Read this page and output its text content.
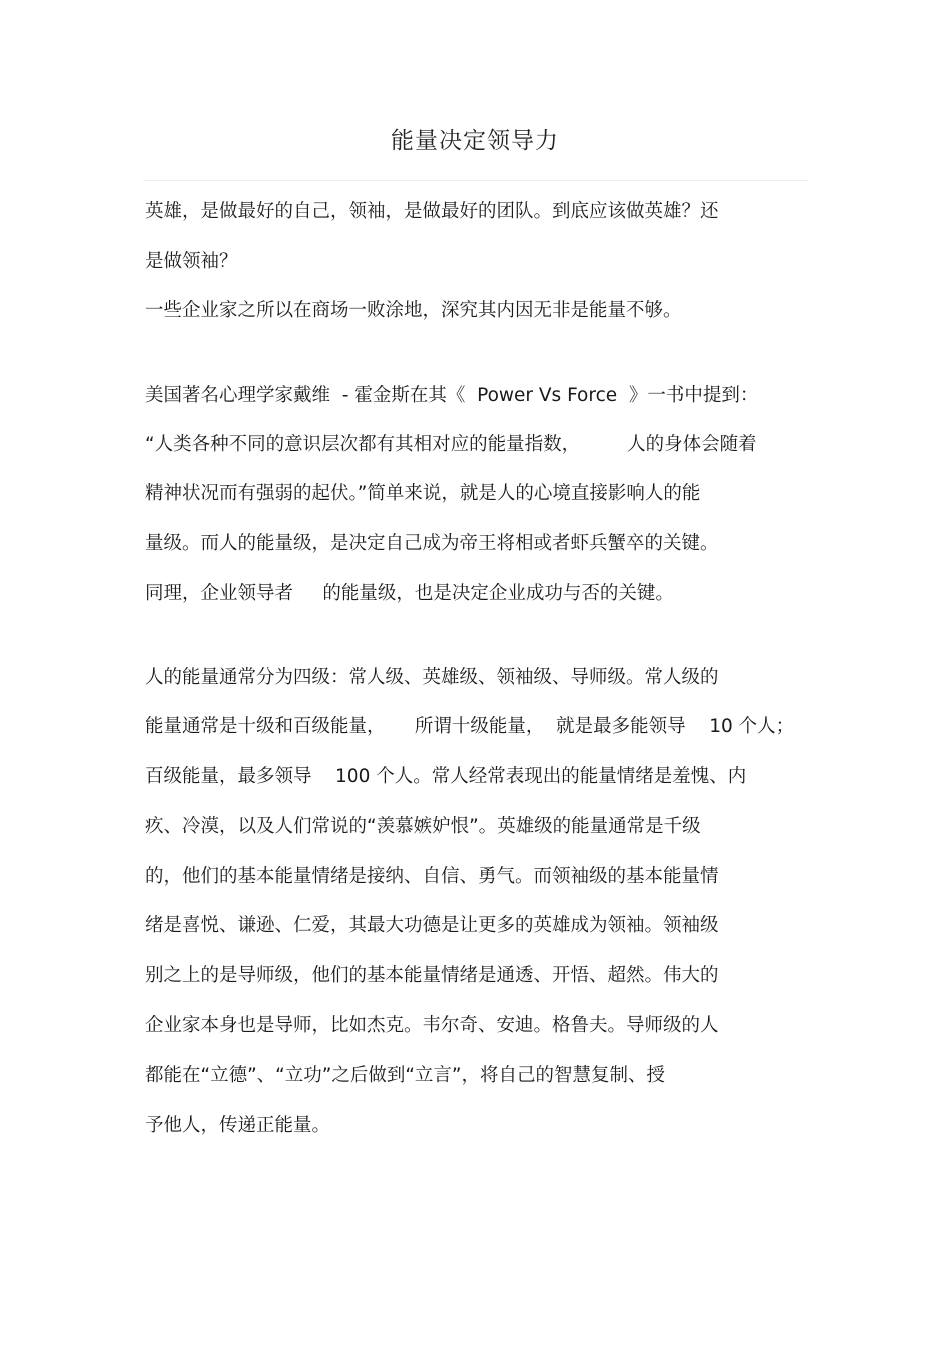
能量决定领导力
英雄，是做最好的自己，领袖，是做最好的团队。到底应该做英雄？还
是做领袖？
一些企业家之所以在商场一败涂地，深究其内因无非是能量不够。
美国著名心理学家戴维  - 霍金斯在其《  Power Vs Force  》一书中提到：
“人类各种不同的意识层次都有其相对应的能量指数，        人的身体会随着
精神状况而有强弱的起伏。”简单来说，就是人的心境直接影响人的能
量级。而人的能量级，是决定自己成为帝王将相或者虾兵蟹卒的关键。
同理，企业领导者     的能量级，也是决定企业成功与否的关键。
人的能量通常分为四级：常人级、英雄级、领袖级、导师级。常人级的
能量通常是十级和百级能量，     所谓十级能量，  就是最多能领导    10 个人；
百级能量，最多领导    100 个人。常人经常表现出的能量情绪是羞愧、内
疚、冷漠，以及人们常说的“羡慕嫉妒恨”。英雄级的能量通常是千级
的，他们的基本能量情绪是接纳、自信、勇气。而领袖级的基本能量情
绪是喜悦、谦逊、仁爱，其最大功德是让更多的英雄成为领袖。领袖级
别之上的是导师级，他们的基本能量情绪是通透、开悟、超然。伟大的
企业家本身也是导师，比如杰克。韦尔奇、安迪。格鲁夫。导师级的人
都能在“立德”、“立功”之后做到“立言”，将自己的智慧复制、授
予他人，传递正能量。
